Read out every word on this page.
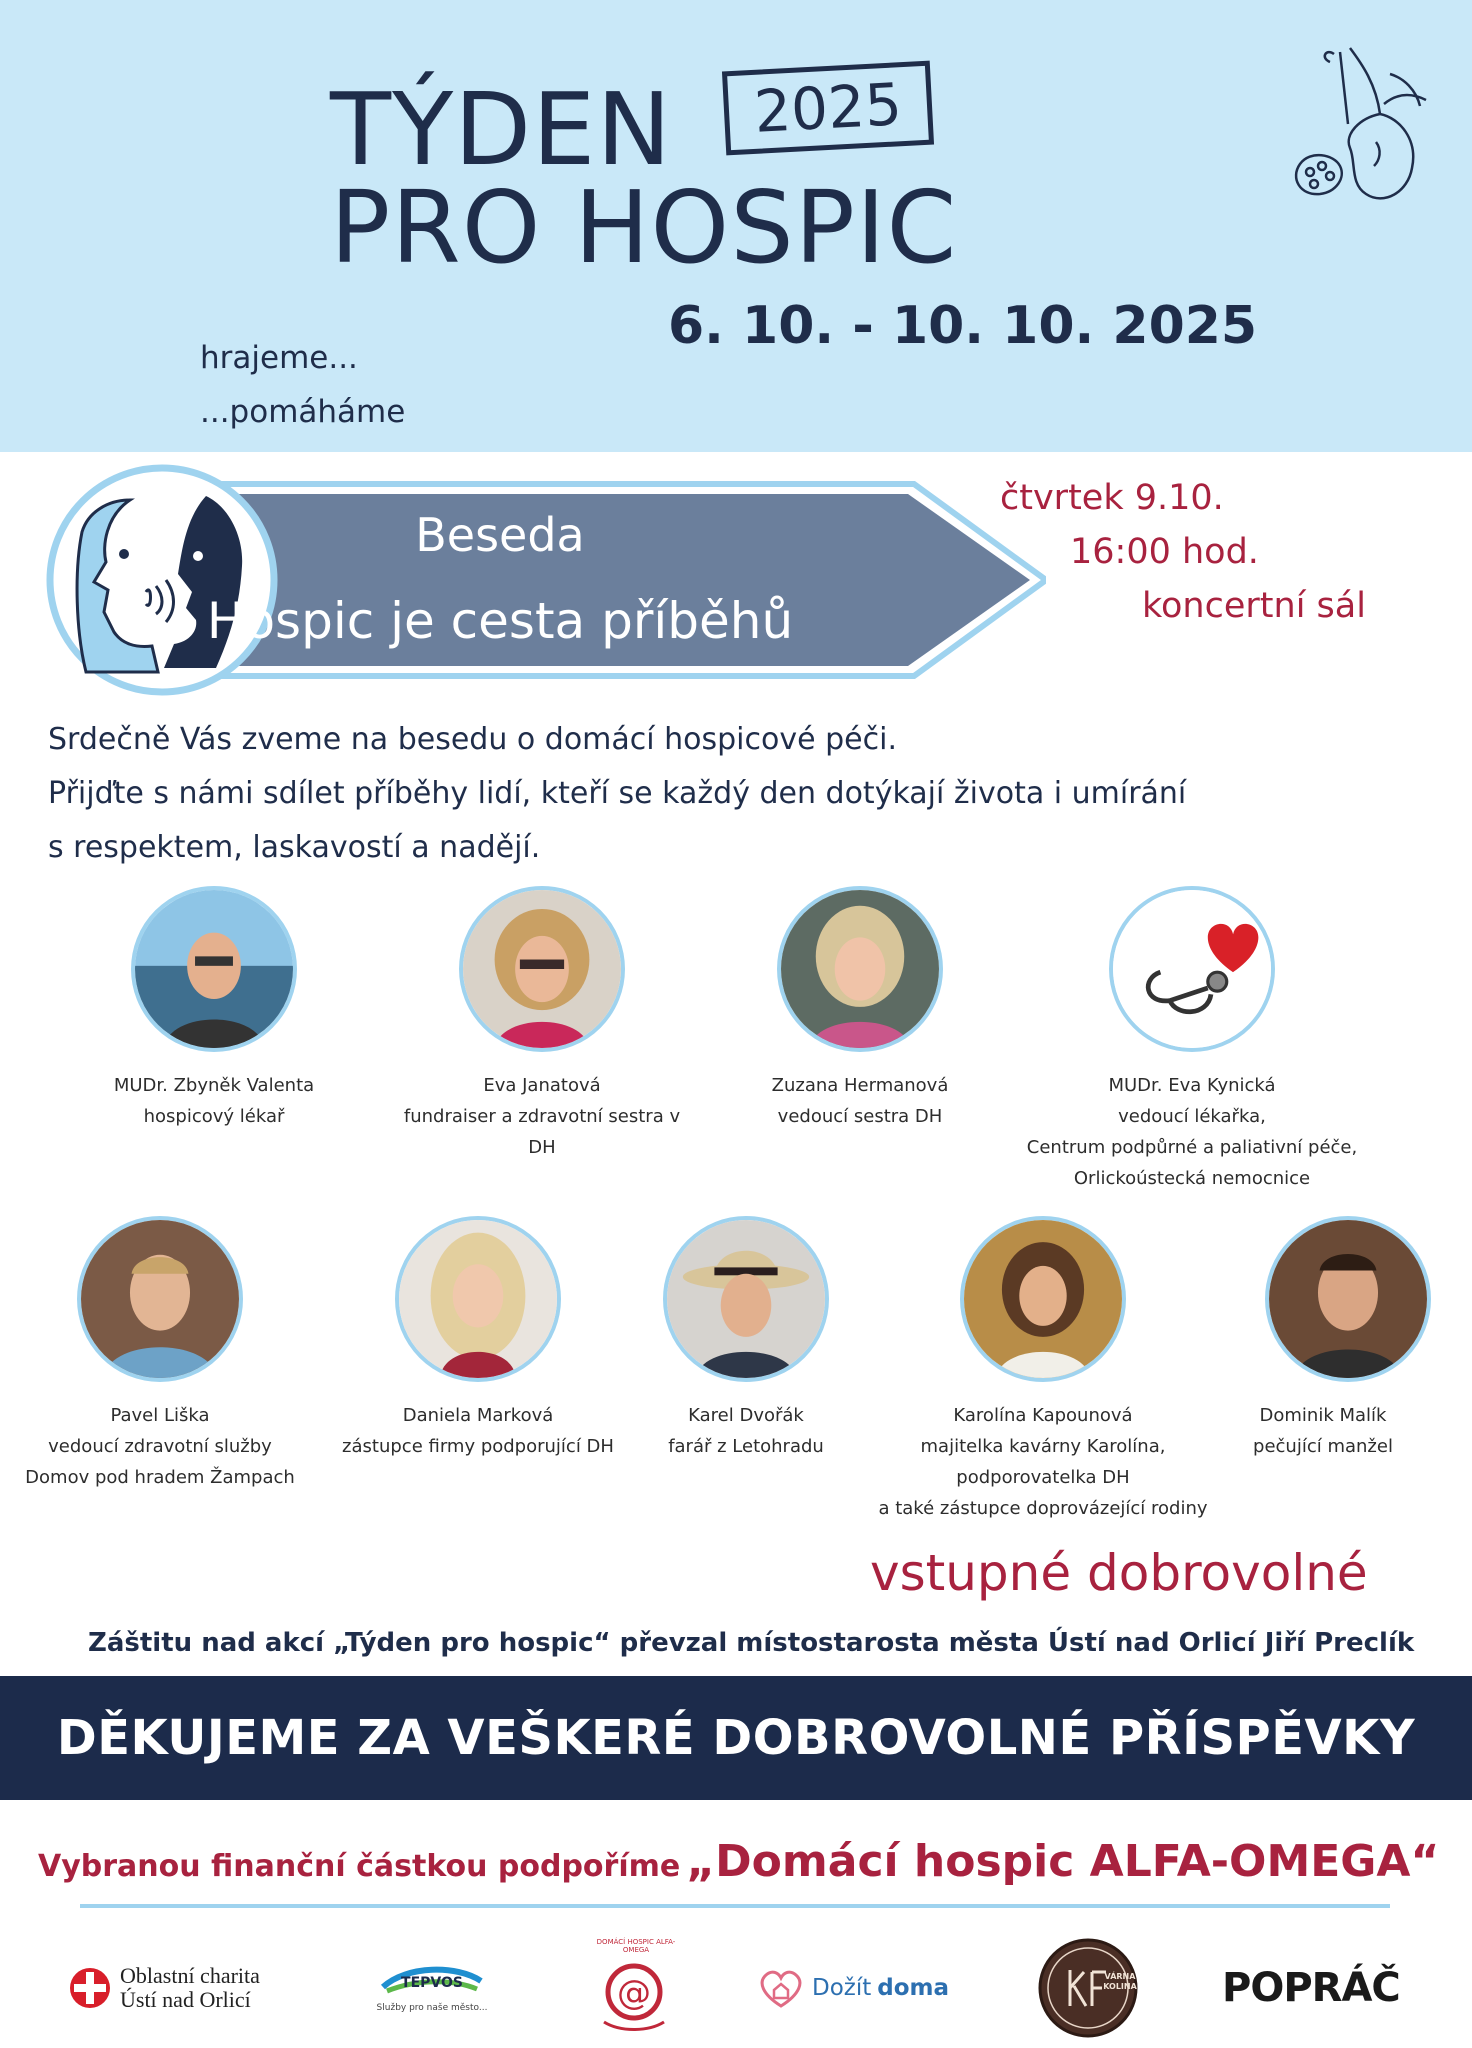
TÝDEN
PRO HOSPIC
2025
6. 10. - 10. 10. 2025
hrajeme...
...pomáháme
Beseda
Hospic je cesta příběhů
čtvrtek 9.10.
16:00 hod.
koncertní sál
Srdečně Vás zveme na besedu o domácí hospicové péči.
Přijďte s námi sdílet příběhy lidí, kteří se každý den dotýkají života i umírání
s respektem, laskavostí a nadějí.
MUDr. Zbyněk Valenta
hospicový lékař
Eva Janatová
fundraiser a zdravotní sestra v DH
Zuzana Hermanová
vedoucí sestra DH
MUDr. Eva Kynická
vedoucí lékařka,
Centrum podpůrné a paliativní péče,
Orlickoústecká nemocnice
Pavel Liška
vedoucí zdravotní služby
Domov pod hradem Žampach
Daniela Marková
zástupce firmy podporující DH
Karel Dvořák
farář z Letohradu
Karolína Kapounová
majitelka kavárny Karolína,
podporovatelka DH
a také zástupce doprovázející rodiny
Dominik Malík
pečující manžel
vstupné dobrovolné
Záštitu nad akcí „Týden pro hospic“ převzal místostarosta města Ústí nad Orlicí Jiří Preclík
DĚKUJEME ZA VEŠKERÉ DOBROVOLNÉ PŘÍSPĚVKY
Vybranou finanční částkou podpoříme „Domácí hospic ALFA-OMEGA“
Oblastní charita
Ústí nad Orlicí
TEPVOS
Služby pro naše město...	@
DOMÁCÍ HOSPIC ALFA-OMEGA
Dožít doma	VÁRNA KOLINA POPRÁČ
